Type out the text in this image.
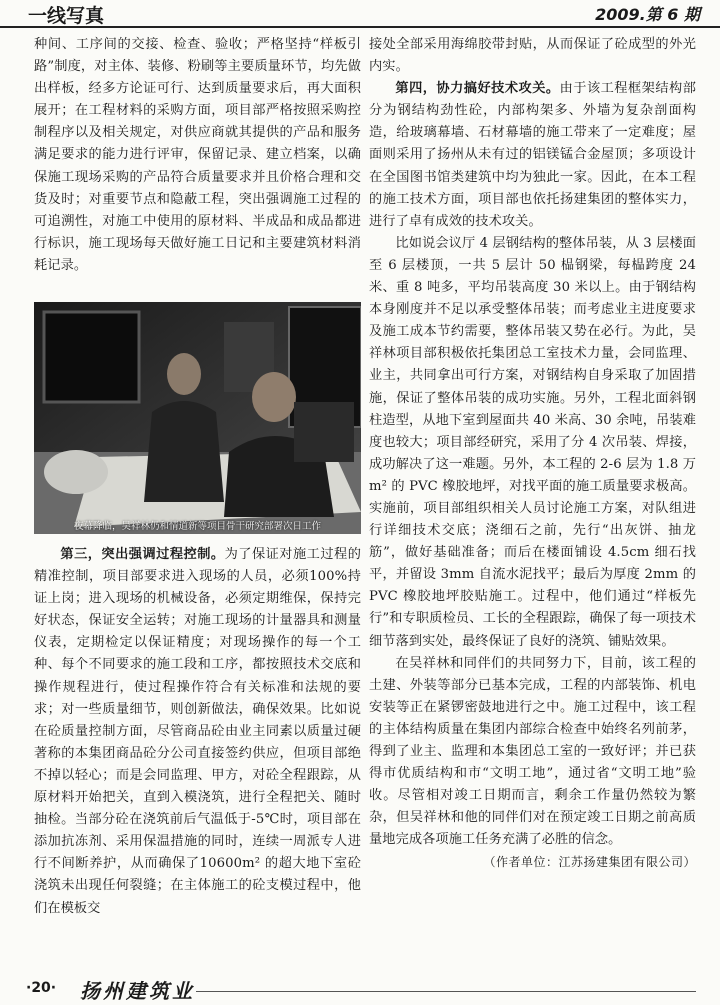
一线写真	2009.第 6 期

种间、工序间的交接、检查、验收；严格坚持“样板引路”制度，对主体、装修、粉刷等主要质量环节，均先做出样板，经多方论证可行、达到质量要求后，再大面积展开；在工程材料的采购方面，项目部严格按照采购控制程序以及相关规定，对供应商就其提供的产品和服务满足要求的能力进行评审，保留记录、建立档案，以确保施工现场采购的产品符合质量要求并且价格合理和交货及时；对重要节点和隐蔽工程，突出强调施工过程的可追溯性，对施工中使用的原材料、半成品和成品都进行标识，施工现场每天做好施工日记和主要建筑材料消耗记录。

夜幕降临，吴祥林仍和情道新等项目骨干研究部署次日工作

第三，突出强调过程控制。为了保证对施工过程的精准控制，项目部要求进入现场的人员，必须100%持证上岗；进入现场的机械设备，必须定期维保，保持完好状态，保证安全运转；对施工现场的计量器具和测量仪表，定期检定以保证精度；对现场操作的每一个工种、每个不同要求的施工段和工序，都按照技术交底和操作规程进行，使过程操作符合有关标准和法规的要求；对一些质量细节，则创新做法，确保效果。比如说在砼质量控制方面，尽管商品砼由业主同素以质量过硬著称的本集团商品砼分公司直接签约供应，但项目部绝不掉以轻心；而是会同监理、甲方，对砼全程跟踪，从原材料开始把关，直到入模浇筑，进行全程把关、随时抽检。当部分砼在浇筑前后气温低于-5℃时，项目部在添加抗冻剂、采用保温措施的同时，连续一周派专人进行不间断养护，从而确保了10600m² 的超大地下室砼浇筑未出现任何裂缝；在主体施工的砼支模过程中，他们在模板交

接处全部采用海绵胶带封贴，从而保证了砼成型的外光内实。

第四，协力搞好技术攻关。由于该工程框架结构部分为钢结构劲性砼，内部构架多、外墙为复杂剖面构造，给玻璃幕墙、石材幕墙的施工带来了一定难度；屋面则采用了扬州从未有过的铝镁锰合金屋顶；多项设计在全国图书馆类建筑中均为独此一家。因此，在本工程的施工技术方面，项目部也依托扬建集团的整体实力，进行了卓有成效的技术攻关。

比如说会议厅 4 层钢结构的整体吊装，从 3 层楼面至 6 层楼顶，一共 5 层计 50 榀钢梁，每榀跨度 24 米、重 8 吨多，平均吊装高度 30 米以上。由于钢结构本身刚度并不足以承受整体吊装；而考虑业主进度要求及施工成本节约需要，整体吊装又势在必行。为此，吴祥林项目部积极依托集团总工室技术力量，会同监理、业主，共同拿出可行方案，对钢结构自身采取了加固措施，保证了整体吊装的成功实施。另外，工程北面斜钢柱造型，从地下室到屋面共 40 米高、30 余吨，吊装难度也较大；项目部经研究，采用了分 4 次吊装、焊接，成功解决了这一难题。另外，本工程的 2-6 层为 1.8 万 m² 的 PVC 橡胶地坪，对找平面的施工质量要求极高。实施前，项目部组织相关人员讨论施工方案，对队组进行详细技术交底；浇细石之前，先行“出灰饼、抽龙筋”，做好基础准备；而后在楼面铺设 4.5cm 细石找平，并留设 3mm 自流水泥找平；最后为厚度 2mm 的 PVC 橡胶地坪胶贴施工。过程中，他们通过“样板先行”和专职质检员、工长的全程跟踪，确保了每一项技术细节落到实处，最终保证了良好的浇筑、铺贴效果。

在吴祥林和同伴们的共同努力下，目前，该工程的土建、外装等部分已基本完成，工程的内部装饰、机电安装等正在紧锣密鼓地进行之中。施工过程中，该工程的主体结构质量在集团内部综合检查中始终名列前茅，得到了业主、监理和本集团总工室的一致好评；并已获得市优质结构和市“文明工地”，通过省“文明工地”验收。尽管相对竣工日期而言，剩余工作量仍然较为繁杂，但吴祥林和他的同伴们对在预定竣工日期之前高质量地完成各项施工任务充满了必胜的信念。

（作者单位：江苏扬建集团有限公司）

·20· 扬州建筑业
